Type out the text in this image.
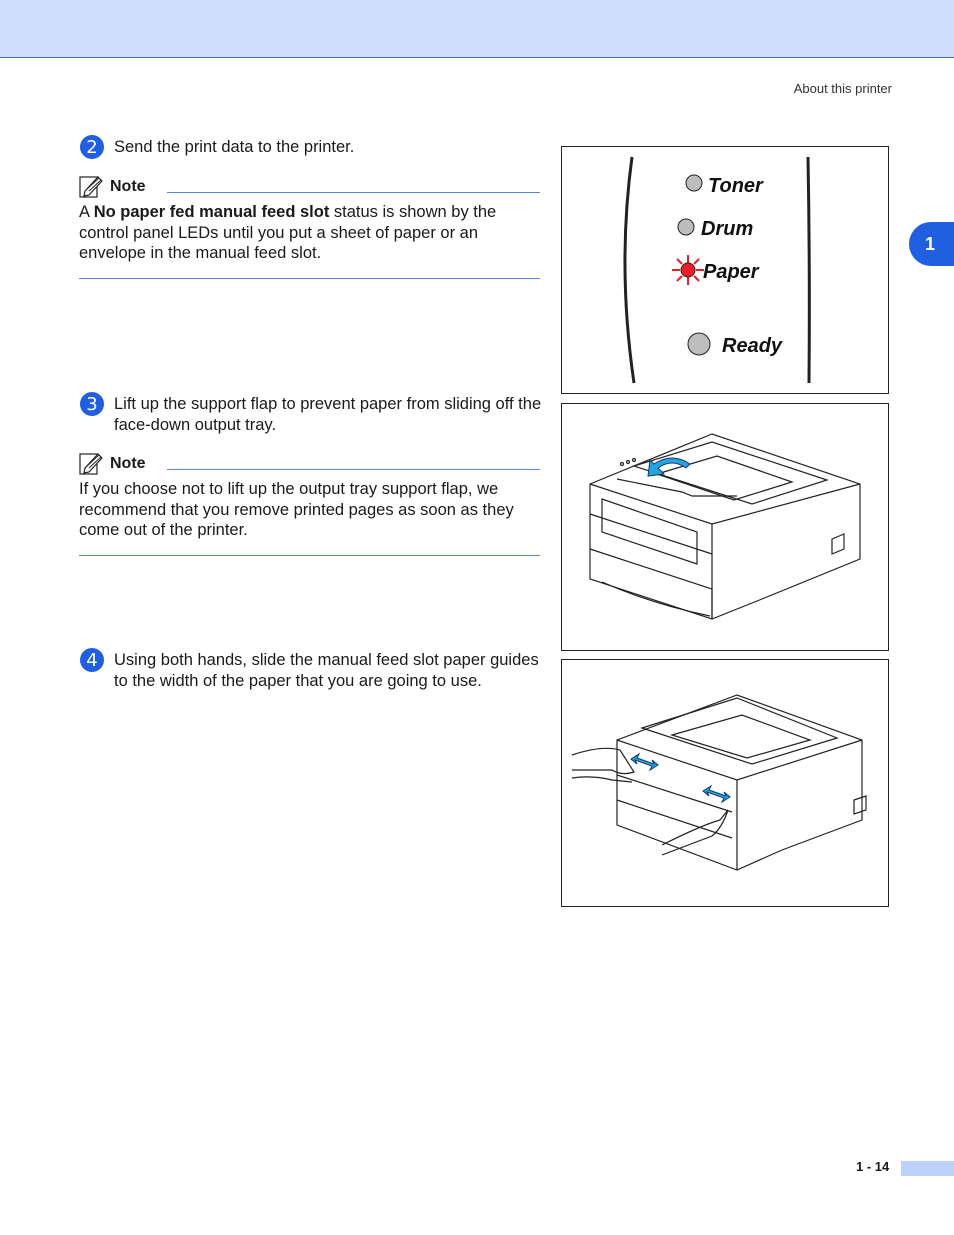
About this printer
1
2 Send the print data to the printer.
Note
A No paper fed manual feed slot status is shown by the control panel LEDs until you put a sheet of paper or an envelope in the manual feed slot.
3 Lift up the support flap to prevent paper from sliding off the face-down output tray.
Note
If you choose not to lift up the output tray support flap, we recommend that you remove printed pages as soon as they come out of the printer.
4 Using both hands, slide the manual feed slot paper guides to the width of the paper that you are going to use.
Toner
Drum
Paper
Ready
1 - 14
